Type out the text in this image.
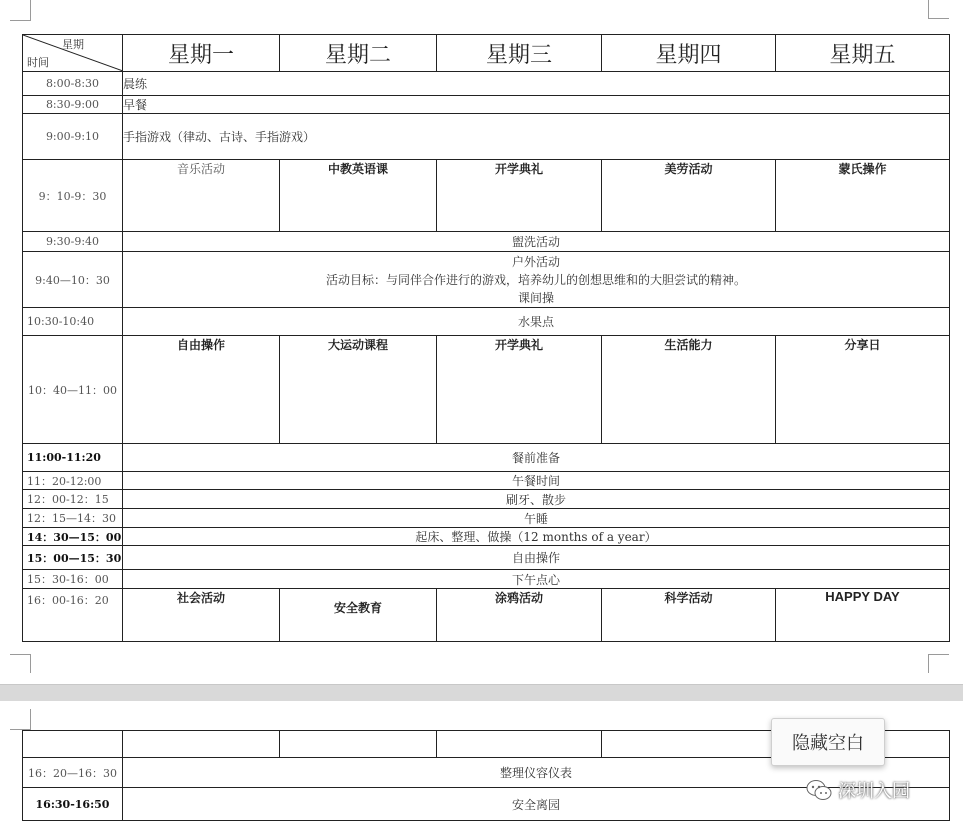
​
星期
时间	星期一	星期二	星期三	星期四	星期五
8:00-8:30	晨练				
8:30-9:00	早餐				
9:00-9:10	手指游戏（律动、古诗、手指游戏）				
9：10-9：30	音乐活动	中教英语课	开学典礼	美劳活动	蒙氏操作
9:30-9:40	盥洗活动				
9:40—10：30	户外活动
活动目标：与同伴合作进行的游戏，培养幼儿的创想思维和的大胆尝试的精神。
课间操				

10:30-10:40	水果点				
10：40—11：00	自由操作	大运动课程	开学典礼	生活能力	分享日
11:00-11:20	餐前准备				
11：20-12:00	午餐时间				
12：00-12：15	刷牙、散步				
12：15—14：30	午睡				
14：30—15：00	起床、整理、做操（12 months of a year）				
15：00—15：30	自由操作				
15：30-16：00	下午点心				
16：00-16：20	社会活动	安全教育	涂鸦活动	科学活动	HAPPY DAY

16：20—16：30	整理仪容仪表				
16:30-16:50	安全离园				
隐藏空白
深圳入园
